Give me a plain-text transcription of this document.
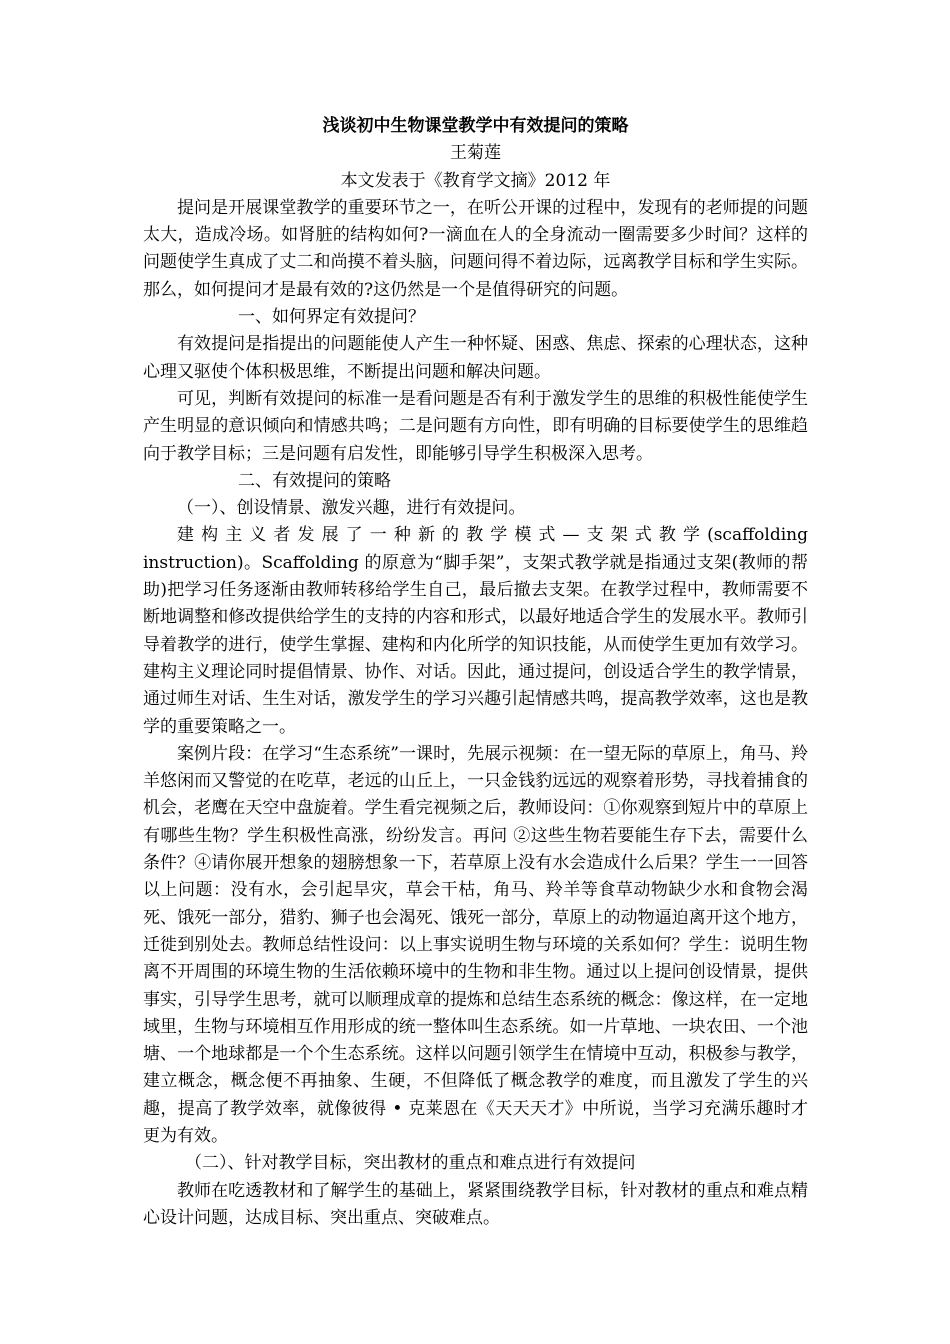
浅谈初中生物课堂教学中有效提问的策略
王菊莲
本文发表于《教育学文摘》2012 年

提问是开展课堂教学的重要环节之一，在听公开课的过程中，发现有的老师提的问题太大，造成冷场。如肾脏的结构如何?一滴血在人的全身流动一圈需要多少时间？这样的问题使学生真成了丈二和尚摸不着头脑，问题问得不着边际，远离教学目标和学生实际。那么，如何提问才是最有效的?这仍然是一个是值得研究的问题。

一、如何界定有效提问？

有效提问是指提出的问题能使人产生一种怀疑、困惑、焦虑、探索的心理状态，这种心理又驱使个体积极思维，不断提出问题和解决问题。

可见，判断有效提问的标准一是看问题是否有利于激发学生的思维的积极性能使学生产生明显的意识倾向和情感共鸣；二是问题有方向性，即有明确的目标要使学生的思维趋向于教学目标；三是问题有启发性，即能够引导学生积极深入思考。

二、有效提问的策略

（一）、创设情景、激发兴趣，进行有效提问。

建构主义者发展了一种新的教学模式—支架式教学(scaffolding

instruction)。Scaffolding 的原意为“脚手架”，支架式教学就是指通过支架(教师的帮助)把学习任务逐渐由教师转移给学生自己，最后撤去支架。在教学过程中，教师需要不断地调整和修改提供给学生的支持的内容和形式，以最好地适合学生的发展水平。教师引导着教学的进行，使学生掌握、建构和内化所学的知识技能，从而使学生更加有效学习。建构主义理论同时提倡情景、协作、对话。因此，通过提问，创设适合学生的教学情景，通过师生对话、生生对话，激发学生的学习兴趣引起情感共鸣，提高教学效率，这也是教学的重要策略之一。

案例片段：在学习“生态系统”一课时，先展示视频：在一望无际的草原上，角马、羚羊悠闲而又警觉的在吃草，老远的山丘上，一只金钱豹远远的观察着形势，寻找着捕食的机会，老鹰在天空中盘旋着。学生看完视频之后，教师设问：①你观察到短片中的草原上有哪些生物？学生积极性高涨，纷纷发言。再问 ②这些生物若要能生存下去，需要什么条件？④请你展开想象的翅膀想象一下，若草原上没有水会造成什么后果？学生一一回答以上问题：没有水，会引起旱灾，草会干枯，角马、羚羊等食草动物缺少水和食物会渴死、饿死一部分，猎豹、狮子也会渴死、饿死一部分，草原上的动物逼迫离开这个地方，迁徙到别处去。教师总结性设问：以上事实说明生物与环境的关系如何？学生：说明生物离不开周围的环境生物的生活依赖环境中的生物和非生物。通过以上提问创设情景，提供事实，引导学生思考，就可以顺理成章的提炼和总结生态系统的概念：像这样，在一定地域里，生物与环境相互作用形成的统一整体叫生态系统。如一片草地、一块农田、一个池塘、一个地球都是一个个生态系统。这样以问题引领学生在情境中互动，积极参与教学，建立概念，概念便不再抽象、生硬，不但降低了概念教学的难度，而且激发了学生的兴趣，提高了教学效率，就像彼得 • 克莱恩在《天天天才》中所说，当学习充满乐趣时才更为有效。

（二）、针对教学目标，突出教材的重点和难点进行有效提问

教师在吃透教材和了解学生的基础上，紧紧围绕教学目标，针对教材的重点和难点精心设计问题，达成目标、突出重点、突破难点。
